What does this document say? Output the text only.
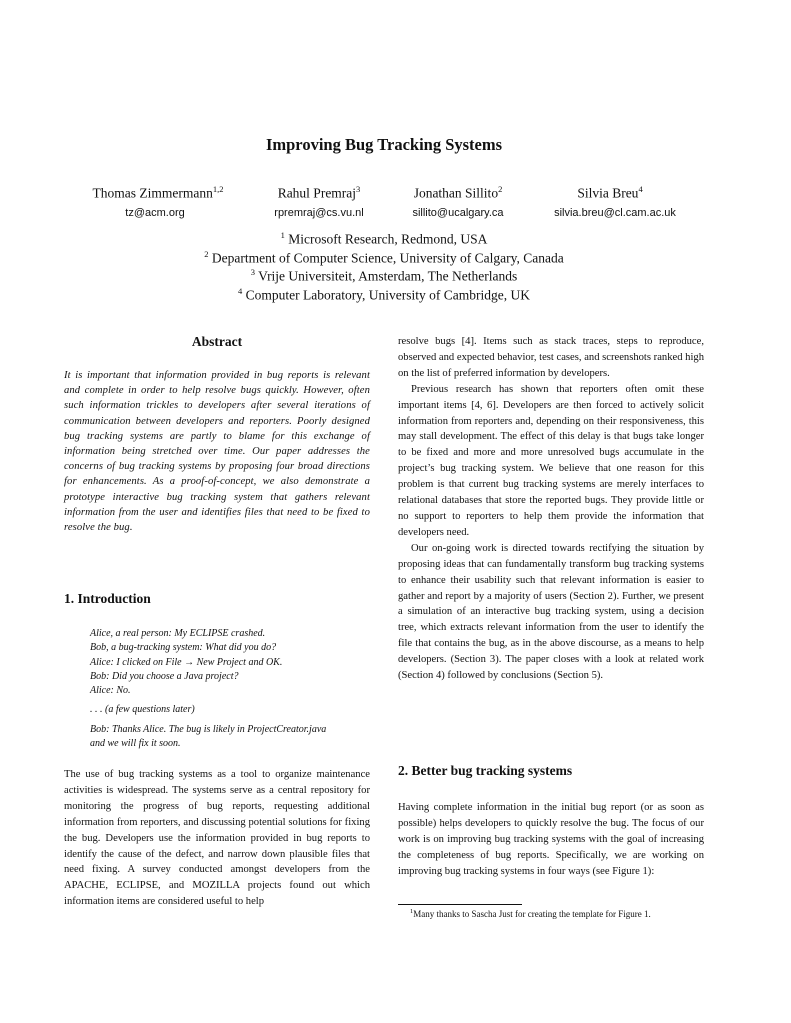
Improving Bug Tracking Systems
Thomas Zimmermann$^{1,2}$	Rahul Premraj$^3$	Jonathan Sillito$^2$	Silvia Breu$^4$
tz@acm.org	rpremraj@cs.vu.nl	sillito@ucalgary.ca	silvia.breu@cl.cam.ac.uk
$^1$ Microsoft Research, Redmond, USA
$^2$ Department of Computer Science, University of Calgary, Canada
$^3$ Vrije Universiteit, Amsterdam, The Netherlands
$^4$ Computer Laboratory, University of Cambridge, UK
Abstract
It is important that information provided in bug reports is relevant and complete in order to help resolve bugs quickly. However, often such information trickles to developers after several iterations of communication between developers and reporters. Poorly designed bug tracking systems are partly to blame for this exchange of information being stretched over time. Our paper addresses the concerns of bug tracking systems by proposing four broad directions for enhancements. As a proof-of-concept, we also demonstrate a prototype interactive bug tracking system that gathers relevant information from the user and identifies files that need to be fixed to resolve the bug.
1. Introduction
Alice, a real person: My ECLIPSE crashed.
Bob, a bug-tracking system: What did you do?
Alice: I clicked on File → New Project and OK.
Bob: Did you choose a Java project?
Alice: No.
. . . (a few questions later)
Bob: Thanks Alice. The bug is likely in ProjectCreator.java
and we will fix it soon.

The use of bug tracking systems as a tool to organize maintenance activities is widespread. The systems serve as a central repository for monitoring the progress of bug reports, requesting additional information from reporters, and discussing potential solutions for fixing the bug. Developers use the information provided in bug reports to identify the cause of the defect, and narrow down plausible files that need fixing. A survey conducted amongst developers from the APACHE, ECLIPSE, and MOZILLA projects found out which information items are considered useful to help

resolve bugs [4]. Items such as stack traces, steps to reproduce, observed and expected behavior, test cases, and screenshots ranked high on the list of preferred information by developers.

Previous research has shown that reporters often omit these important items [4, 6]. Developers are then forced to actively solicit information from reporters and, depending on their responsiveness, this may stall development. The effect of this delay is that bugs take longer to be fixed and more and more unresolved bugs accumulate in the project’s bug tracking system. We believe that one reason for this problem is that current bug tracking systems are merely interfaces to relational databases that store the reported bugs. They provide little or no support to reporters to help them provide the information that developers need.

Our on-going work is directed towards rectifying the situation by proposing ideas that can fundamentally transform bug tracking systems to enhance their usability such that relevant information is easier to gather and report by a majority of users (Section 2). Further, we present a simulation of an interactive bug tracking system, using a decision tree, which extracts relevant information from the user to identify the file that contains the bug, as in the above discourse, as a means to help developers. (Section 3). The paper closes with a look at related work (Section 4) followed by conclusions (Section 5).

2. Better bug tracking systems

Having complete information in the initial bug report (or as soon as possible) helps developers to quickly resolve the bug. The focus of our work is on improving bug tracking systems with the goal of increasing the completeness of bug reports. Specifically, we are working on improving bug tracking systems in four ways (see Figure 1):

$^1$Many thanks to Sascha Just for creating the template for Figure 1.
